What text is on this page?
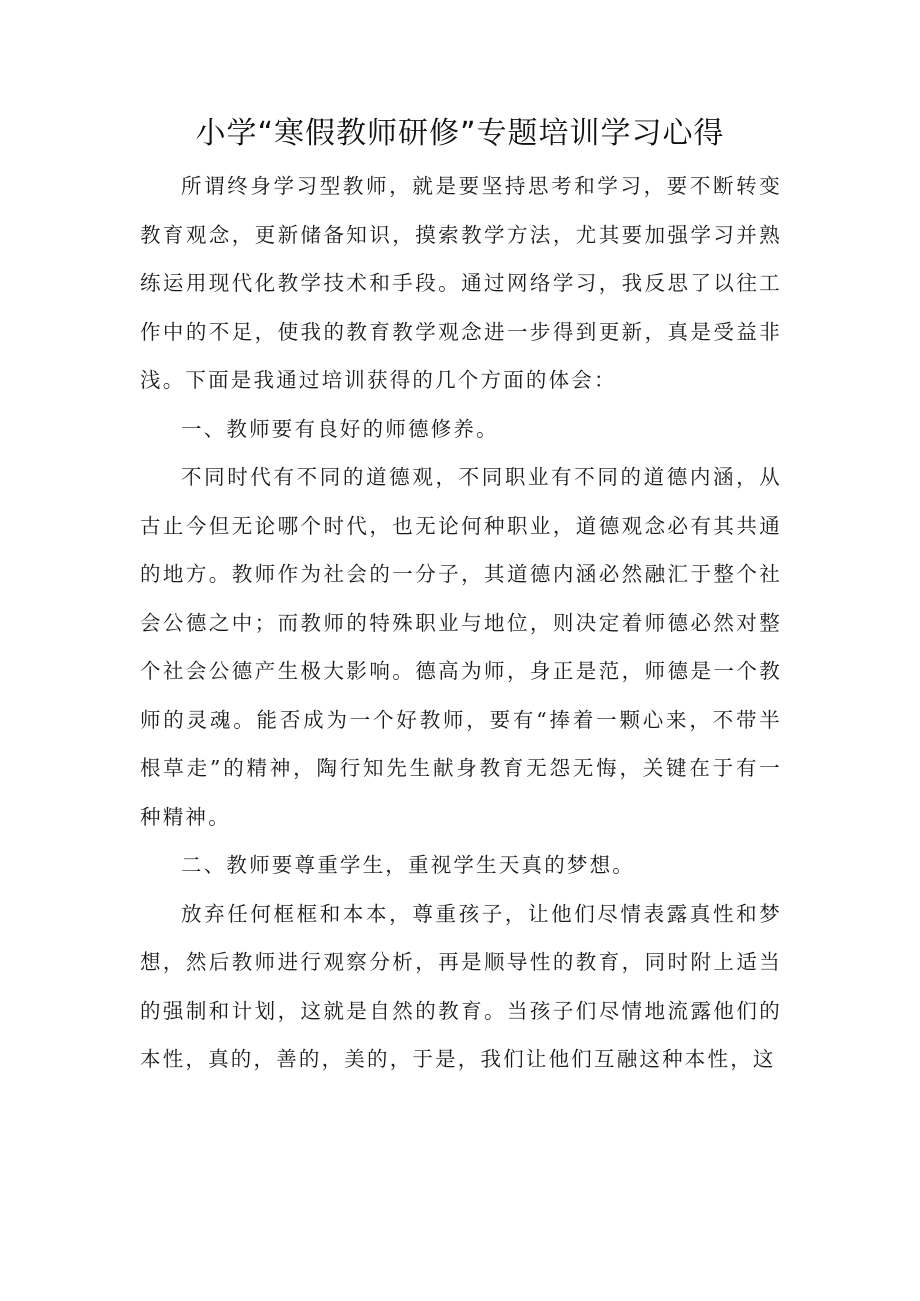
小学“寒假教师研修”专题培训学习心得

所谓终身学习型教师，就是要坚持思考和学习，要不断转变教育观念，更新储备知识，摸索教学方法，尤其要加强学习并熟练运用现代化教学技术和手段。通过网络学习，我反思了以往工作中的不足，使我的教育教学观念进一步得到更新，真是受益非浅。下面是我通过培训获得的几个方面的体会：

一、教师要有良好的师德修养。

不同时代有不同的道德观，不同职业有不同的道德内涵，从古止今但无论哪个时代，也无论何种职业，道德观念必有其共通的地方。教师作为社会的一分子，其道德内涵必然融汇于整个社会公德之中；而教师的特殊职业与地位，则决定着师德必然对整个社会公德产生极大影响。德高为师，身正是范，师德是一个教师的灵魂。能否成为一个好教师，要有“捧着一颗心来，不带半根草走”的精神，陶行知先生献身教育无怨无悔，关键在于有一种精神。

二、教师要尊重学生，重视学生天真的梦想。

放弃任何框框和本本，尊重孩子，让他们尽情表露真性和梦想，然后教师进行观察分析，再是顺导性的教育，同时附上适当的强制和计划，这就是自然的教育。当孩子们尽情地流露他们的本性，真的，善的，美的，于是，我们让他们互融这种本性，这
